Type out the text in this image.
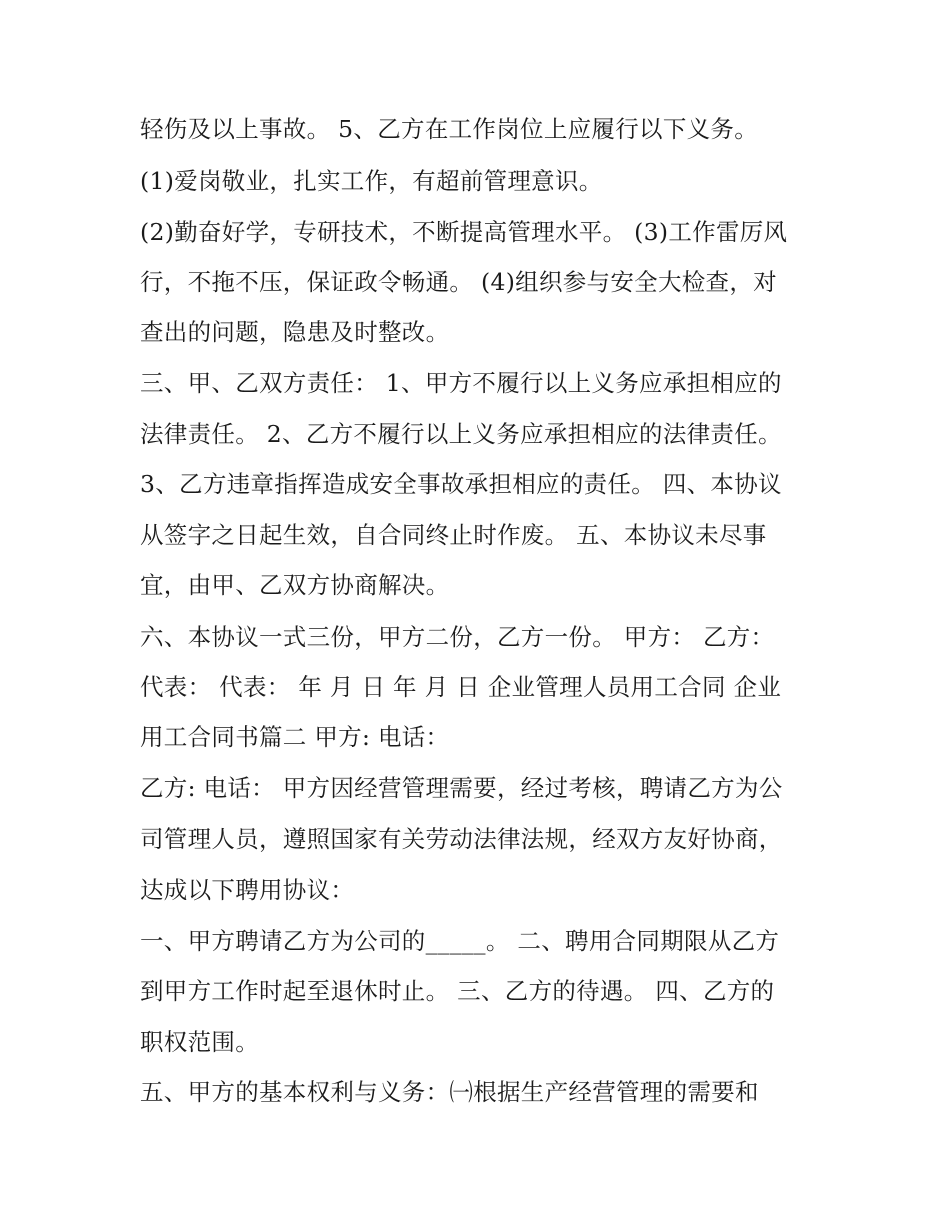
轻伤及以上事故。 5、乙方在工作岗位上应履行以下义务。
(1)爱岗敬业，扎实工作，有超前管理意识。
(2)勤奋好学，专研技术，不断提高管理水平。 (3)工作雷厉风
行，不拖不压，保证政令畅通。 (4)组织参与安全大检查，对
查出的问题，隐患及时整改。
三、甲、乙双方责任： 1、甲方不履行以上义务应承担相应的
法律责任。 2、乙方不履行以上义务应承担相应的法律责任。
3、乙方违章指挥造成安全事故承担相应的责任。 四、本协议
从签字之日起生效，自合同终止时作废。 五、本协议未尽事
宜，由甲、乙双方协商解决。
六、本协议一式三份，甲方二份，乙方一份。 甲方： 乙方：
代表： 代表： 年 月 日 年 月 日 企业管理人员用工合同 企业
用工合同书篇二 甲方: 电话：
乙方: 电话： 甲方因经营管理需要，经过考核，聘请乙方为公
司管理人员，遵照国家有关劳动法律法规，经双方友好协商，
达成以下聘用协议：
一、甲方聘请乙方为公司的_____。 二、聘用合同期限从乙方
到甲方工作时起至退休时止。 三、乙方的待遇。 四、乙方的
职权范围。
五、甲方的基本权利与义务：㈠根据生产经营管理的需要和
